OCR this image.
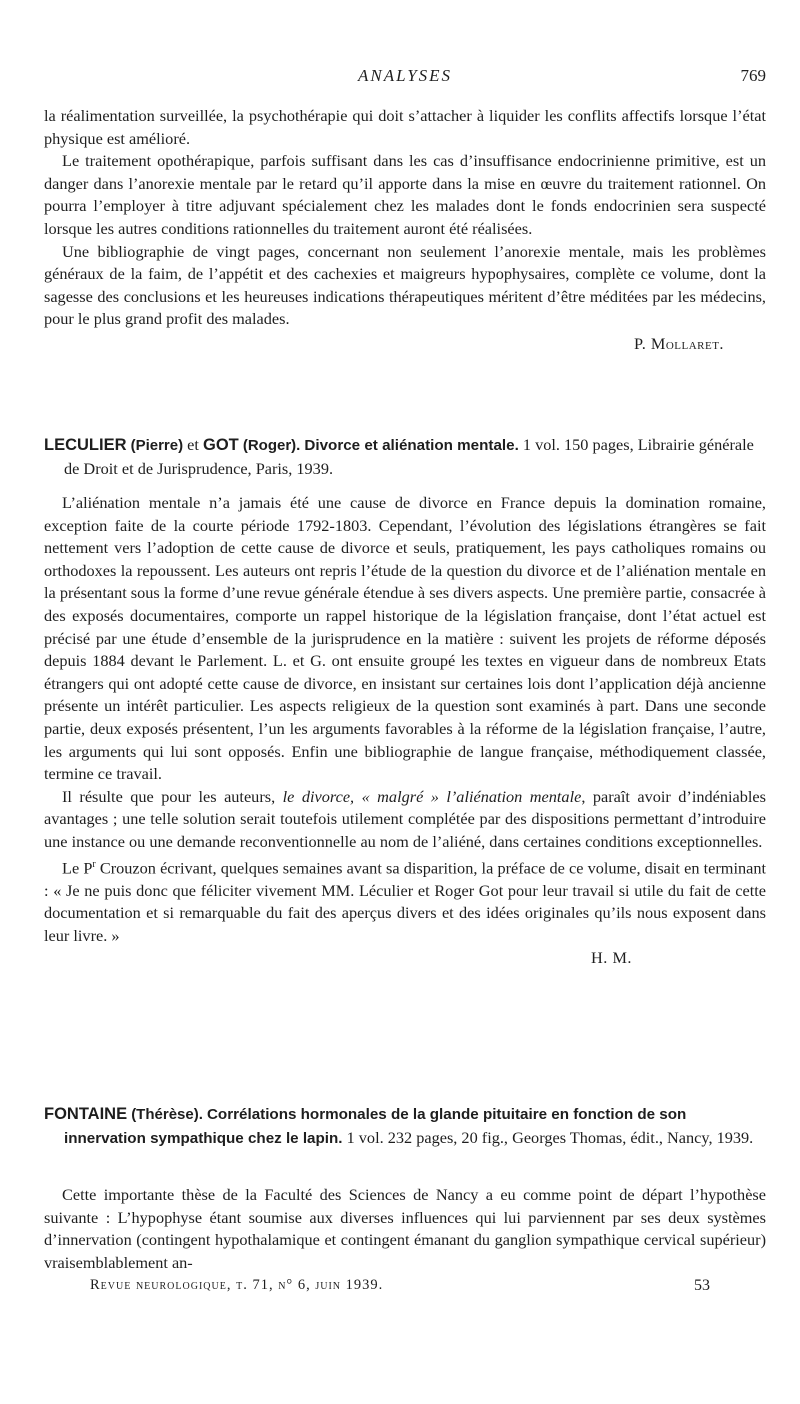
ANALYSES	769

la réalimentation surveillée, la psychothérapie qui doit s’attacher à liquider les conflits affectifs lorsque l’état physique est amélioré.

Le traitement opothérapique, parfois suffisant dans les cas d’insuffisance endocrinienne primitive, est un danger dans l’anorexie mentale par le retard qu’il apporte dans la mise en œuvre du traitement rationnel. On pourra l’employer à titre adjuvant spécialement chez les malades dont le fonds endocrinien sera suspecté lorsque les autres conditions rationnelles du traitement auront été réalisées.

Une bibliographie de vingt pages, concernant non seulement l’anorexie mentale, mais les problèmes généraux de la faim, de l’appétit et des cachexies et maigreurs hypophysaires, complète ce volume, dont la sagesse des conclusions et les heureuses indications thérapeutiques méritent d’être méditées par les médecins, pour le plus grand profit des malades.

P. Mollaret.

LECULIER (Pierre) et GOT (Roger). Divorce et aliénation mentale. 1 vol. 150 pages, Librairie générale de Droit et de Jurisprudence, Paris, 1939.

L’aliénation mentale n’a jamais été une cause de divorce en France depuis la domination romaine, exception faite de la courte période 1792-1803. Cependant, l’évolution des législations étrangères se fait nettement vers l’adoption de cette cause de divorce et seuls, pratiquement, les pays catholiques romains ou orthodoxes la repoussent. Les auteurs ont repris l’étude de la question du divorce et de l’aliénation mentale en la présentant sous la forme d’une revue générale étendue à ses divers aspects. Une première partie, consacrée à des exposés documentaires, comporte un rappel historique de la législation française, dont l’état actuel est précisé par une étude d’ensemble de la jurisprudence en la matière : suivent les projets de réforme déposés depuis 1884 devant le Parlement. L. et G. ont ensuite groupé les textes en vigueur dans de nombreux Etats étrangers qui ont adopté cette cause de divorce, en insistant sur certaines lois dont l’application déjà ancienne présente un intérêt particulier. Les aspects religieux de la question sont examinés à part. Dans une seconde partie, deux exposés présentent, l’un les arguments favorables à la réforme de la législation française, l’autre, les arguments qui lui sont opposés. Enfin une bibliographie de langue française, méthodiquement classée, termine ce travail.

Il résulte que pour les auteurs, le divorce, « malgré » l’aliénation mentale, paraît avoir d’indéniables avantages ; une telle solution serait toutefois utilement complétée par des dispositions permettant d’introduire une instance ou une demande reconventionnelle au nom de l’aliéné, dans certaines conditions exceptionnelles.

Le $P^r$ Crouzon écrivant, quelques semaines avant sa disparition, la préface de ce volume, disait en terminant : « Je ne puis donc que féliciter vivement MM. Léculier et Roger Got pour leur travail si utile du fait de cette documentation et si remarquable du fait des aperçus divers et des idées originales qu’ils nous exposent dans leur livre. »

H. M.

FONTAINE (Thérèse). Corrélations hormonales de la glande pituitaire en fonction de son innervation sympathique chez le lapin. 1 vol. 232 pages, 20 fig., Georges Thomas, édit., Nancy, 1939.

Cette importante thèse de la Faculté des Sciences de Nancy a eu comme point de départ l’hypothèse suivante : L’hypophyse étant soumise aux diverses influences qui lui parviennent par ses deux systèmes d’innervation (contingent hypothalamique et contingent émanant du ganglion sympathique cervical supérieur) vraisemblablement an-

Revue neurologique, t. 71, n° 6, juin 1939.	53
